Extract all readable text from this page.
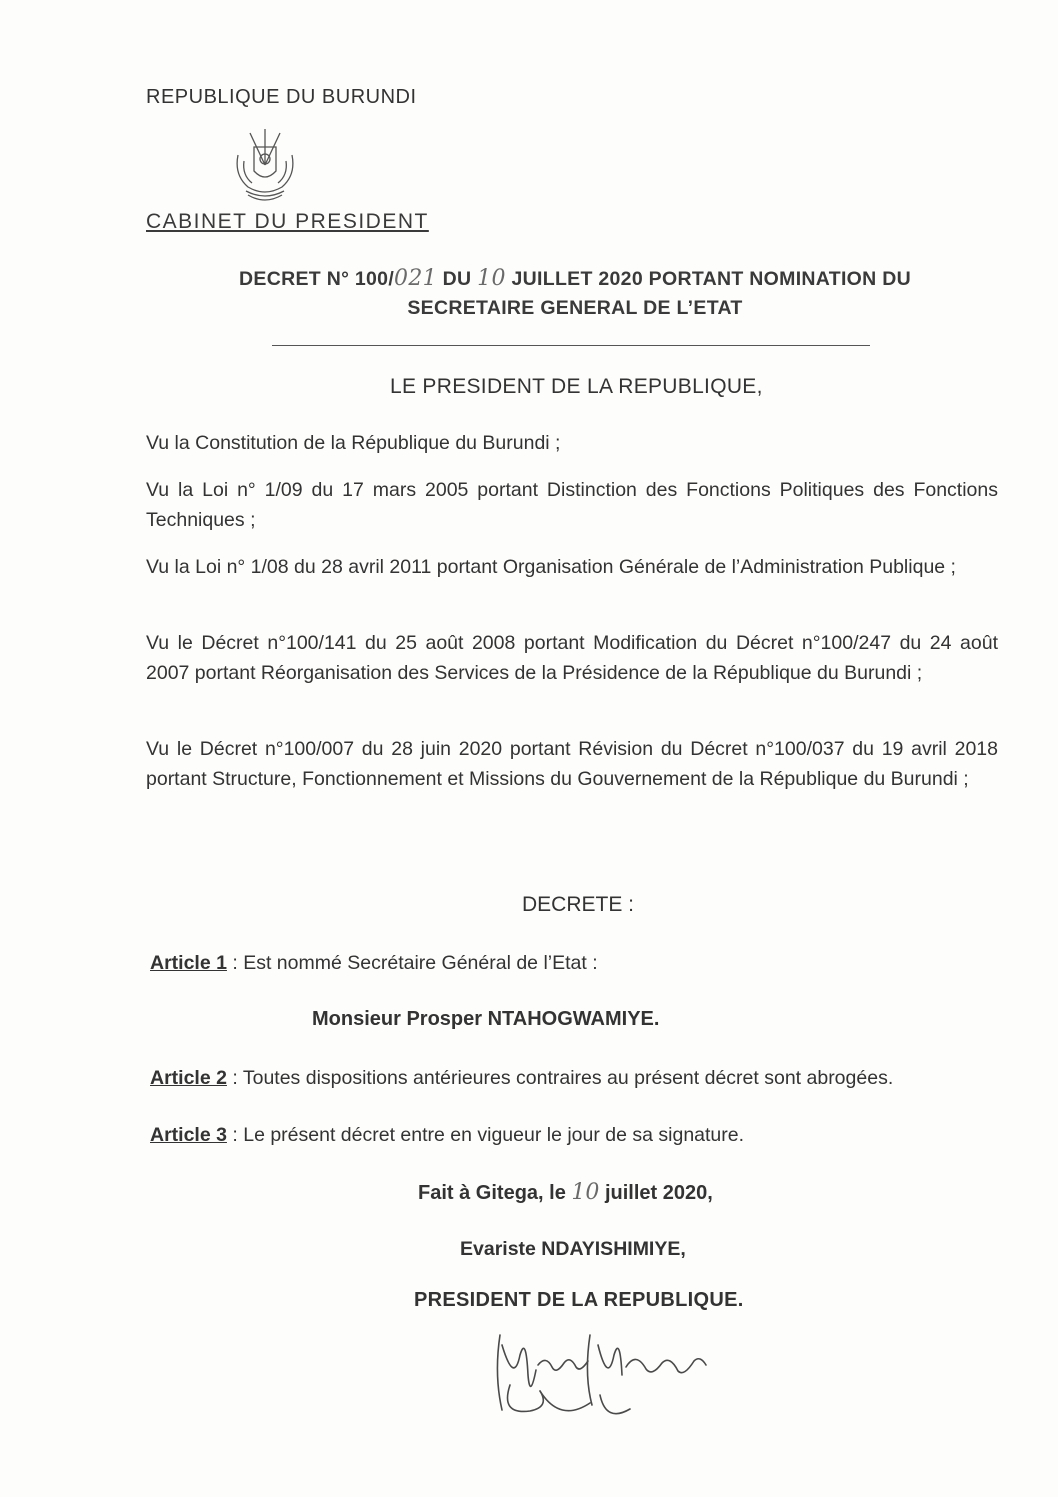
REPUBLIQUE DU BURUNDI
CABINET DU PRESIDENT
DECRET N° 100/021 DU 10 JUILLET 2020 PORTANT NOMINATION DU
SECRETAIRE GENERAL DE L’ETAT
LE PRESIDENT DE LA REPUBLIQUE,
Vu la Constitution de la République du Burundi ;
Vu la Loi n° 1/09 du 17 mars 2005 portant Distinction des Fonctions Politiques des Fonctions Techniques ;
Vu la Loi n° 1/08 du 28 avril 2011 portant Organisation Générale de l’Administration Publique ;
Vu le Décret n°100/141 du 25 août 2008 portant Modification du Décret n°100/247 du 24 août 2007 portant Réorganisation des Services de la Présidence de la République du Burundi ;
Vu le Décret n°100/007 du 28 juin 2020 portant Révision du Décret n°100/037 du 19 avril 2018 portant Structure, Fonctionnement et Missions du Gouvernement de la République du Burundi ;
DECRETE :
Article 1 : Est nommé Secrétaire Général de l’Etat :
Monsieur Prosper NTAHOGWAMIYE.
Article 2 : Toutes dispositions antérieures contraires au présent décret sont abrogées.
Article 3 : Le présent décret entre en vigueur le jour de sa signature.
Fait à Gitega, le 10 juillet 2020,
Evariste NDAYISHIMIYE,
PRESIDENT DE LA REPUBLIQUE.
